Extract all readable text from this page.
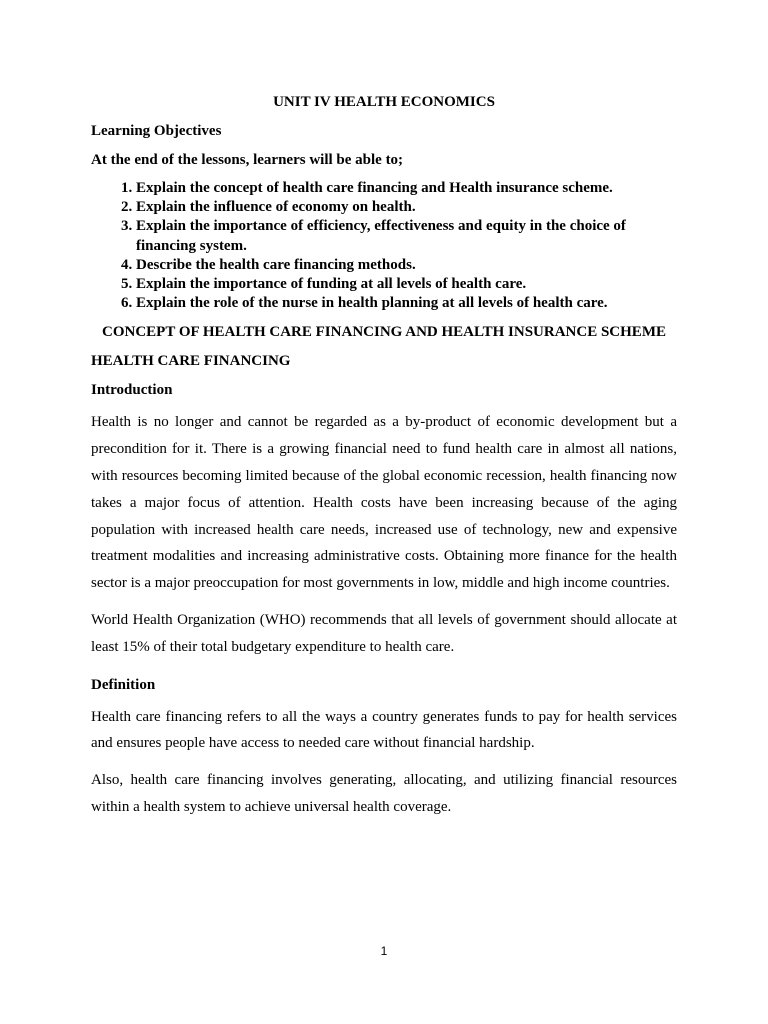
UNIT IV HEALTH ECONOMICS
Learning Objectives
At the end of the lessons, learners will be able to;
1. Explain the concept of health care financing and Health insurance scheme.
2. Explain the influence of economy on health.
3. Explain the importance of efficiency, effectiveness and equity in the choice of financing system.
4. Describe the health care financing methods.
5. Explain the importance of funding at all levels of health care.
6. Explain the role of the nurse in health planning at all levels of health care.
CONCEPT OF HEALTH CARE FINANCING AND HEALTH INSURANCE SCHEME
HEALTH CARE FINANCING
Introduction

Health is no longer and cannot be regarded as a by-product of economic development but a precondition for it. There is a growing financial need to fund health care in almost all nations, with resources becoming limited because of the global economic recession, health financing now takes a major focus of attention. Health costs have been increasing because of the aging population with increased health care needs, increased use of technology, new and expensive treatment modalities and increasing administrative costs. Obtaining more finance for the health sector is a major preoccupation for most governments in low, middle and high income countries.

World Health Organization (WHO) recommends that all levels of government should allocate at least 15% of their total budgetary expenditure to health care.

Definition

Health care financing refers to all the ways a country generates funds to pay for health services and ensures people have access to needed care without financial hardship.

Also, health care financing involves generating, allocating, and utilizing financial resources within a health system to achieve universal health coverage.

1
